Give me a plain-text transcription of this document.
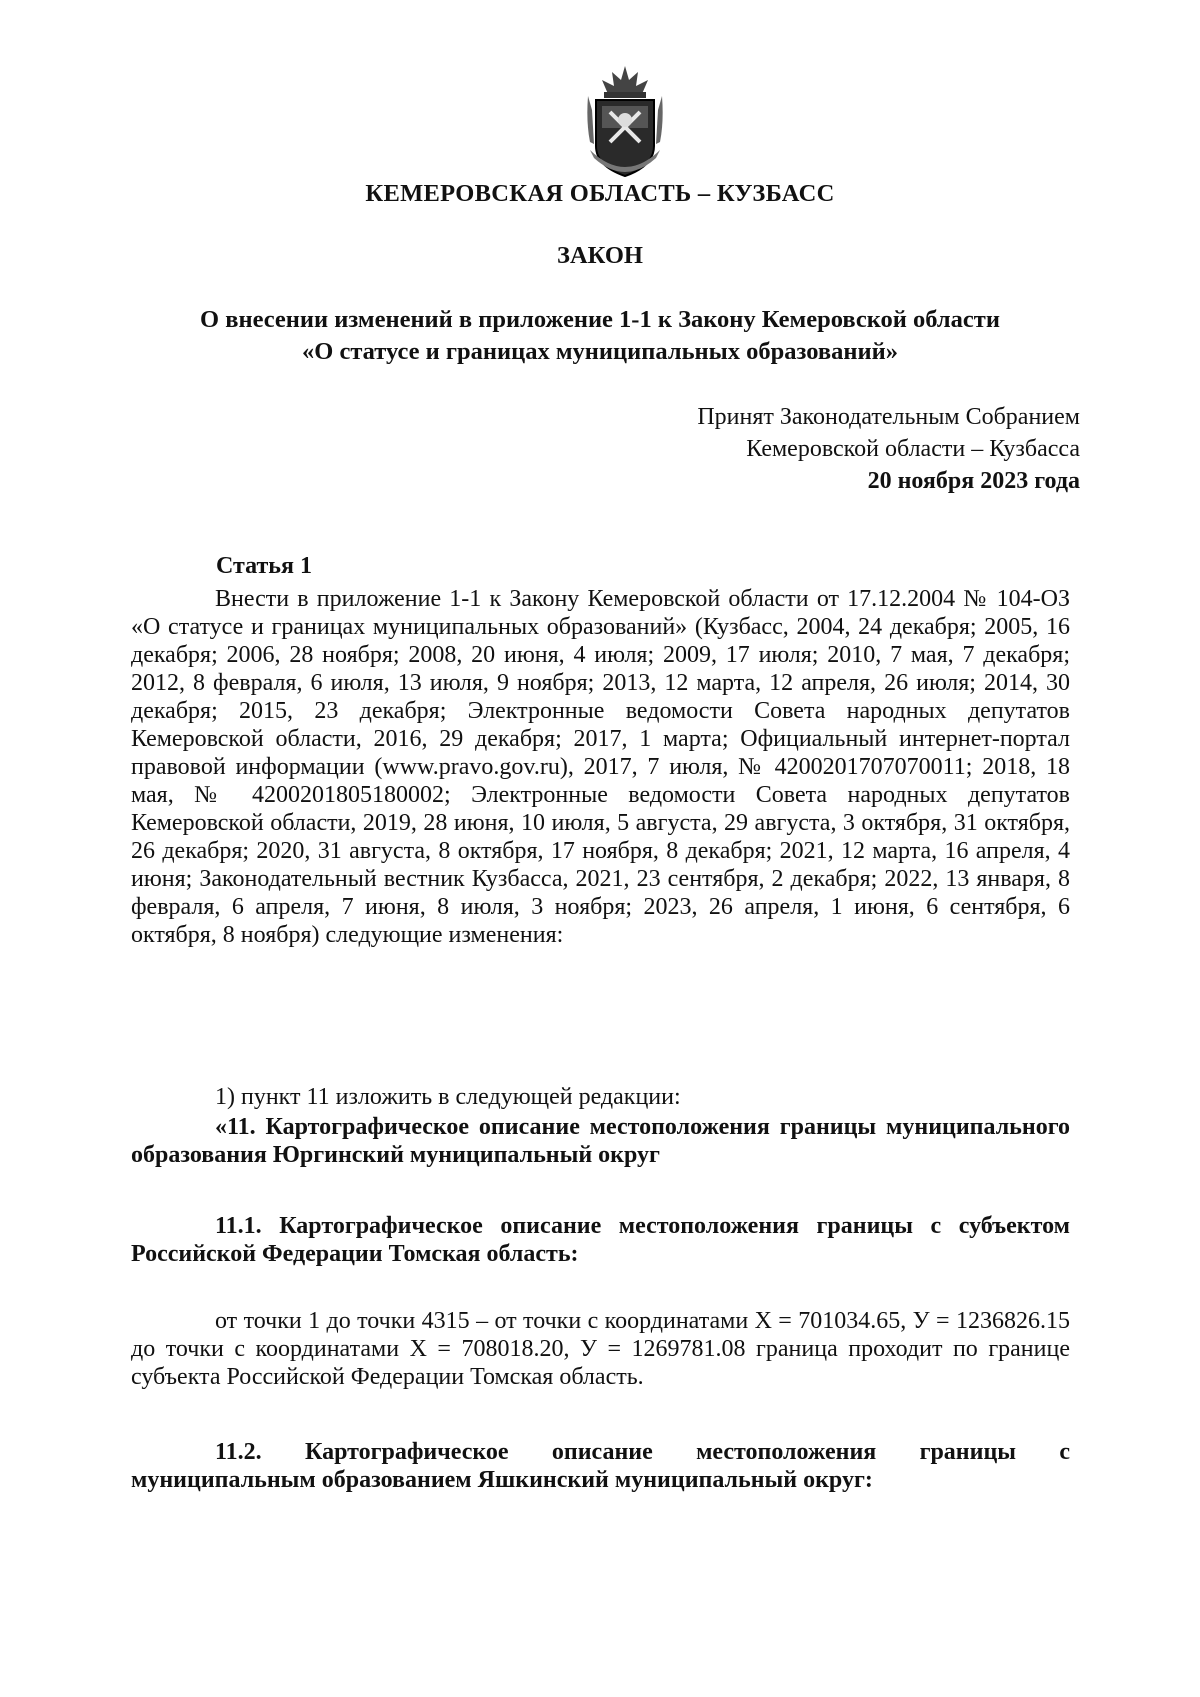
КЕМЕРОВСКАЯ ОБЛАСТЬ – КУЗБАСС
ЗАКОН
О внесении изменений в приложение 1-1 к Закону Кемеровской области
«О статусе и границах муниципальных образований»
Принят Законодательным Собранием
Кемеровской области – Кузбасса
20 ноября 2023 года
Статья 1
Внести в приложение 1-1 к Закону Кемеровской области от 17.12.2004 № 104-ОЗ «О статусе и границах муниципальных образований» (Кузбасс, 2004, 24 декабря; 2005, 16 декабря; 2006, 28 ноября; 2008, 20 июня, 4 июля; 2009, 17 июля; 2010, 7 мая, 7 декабря; 2012, 8 февраля, 6 июля, 13 июля, 9 ноября; 2013, 12 марта, 12 апреля, 26 июля; 2014, 30 декабря; 2015, 23 декабря; Электронные ведомости Совета народных депутатов Кемеровской области, 2016, 29 декабря; 2017, 1 марта; Официальный интернет-портал правовой информации (www.pravo.gov.ru), 2017, 7 июля, № 4200201707070011; 2018, 18 мая, № 4200201805180002; Электронные ведомости Совета народных депутатов Кемеровской области, 2019, 28 июня, 10 июля, 5 августа, 29 августа, 3 октября, 31 октября, 26 декабря; 2020, 31 августа, 8 октября, 17 ноября, 8 декабря; 2021, 12 марта, 16 апреля, 4 июня; Законодательный вестник Кузбасса, 2021, 23 сентября, 2 декабря; 2022, 13 января, 8 февраля, 6 апреля, 7 июня, 8 июля, 3 ноября; 2023, 26 апреля, 1 июня, 6 сентября, 6 октября, 8 ноября) следующие изменения:
1) пункт 11 изложить в следующей редакции:
«11. Картографическое описание местоположения границы муниципального образования Юргинский муниципальный округ
11.1. Картографическое описание местоположения границы с субъектом Российской Федерации Томская область:
от точки 1 до точки 4315 – от точки с координатами Х = 701034.65, У = 1236826.15 до точки с координатами Х = 708018.20, У = 1269781.08 граница проходит по границе субъекта Российской Федерации Томская область.
11.2. Картографическое описание местоположения границы с муниципальным образованием Яшкинский муниципальный округ:
